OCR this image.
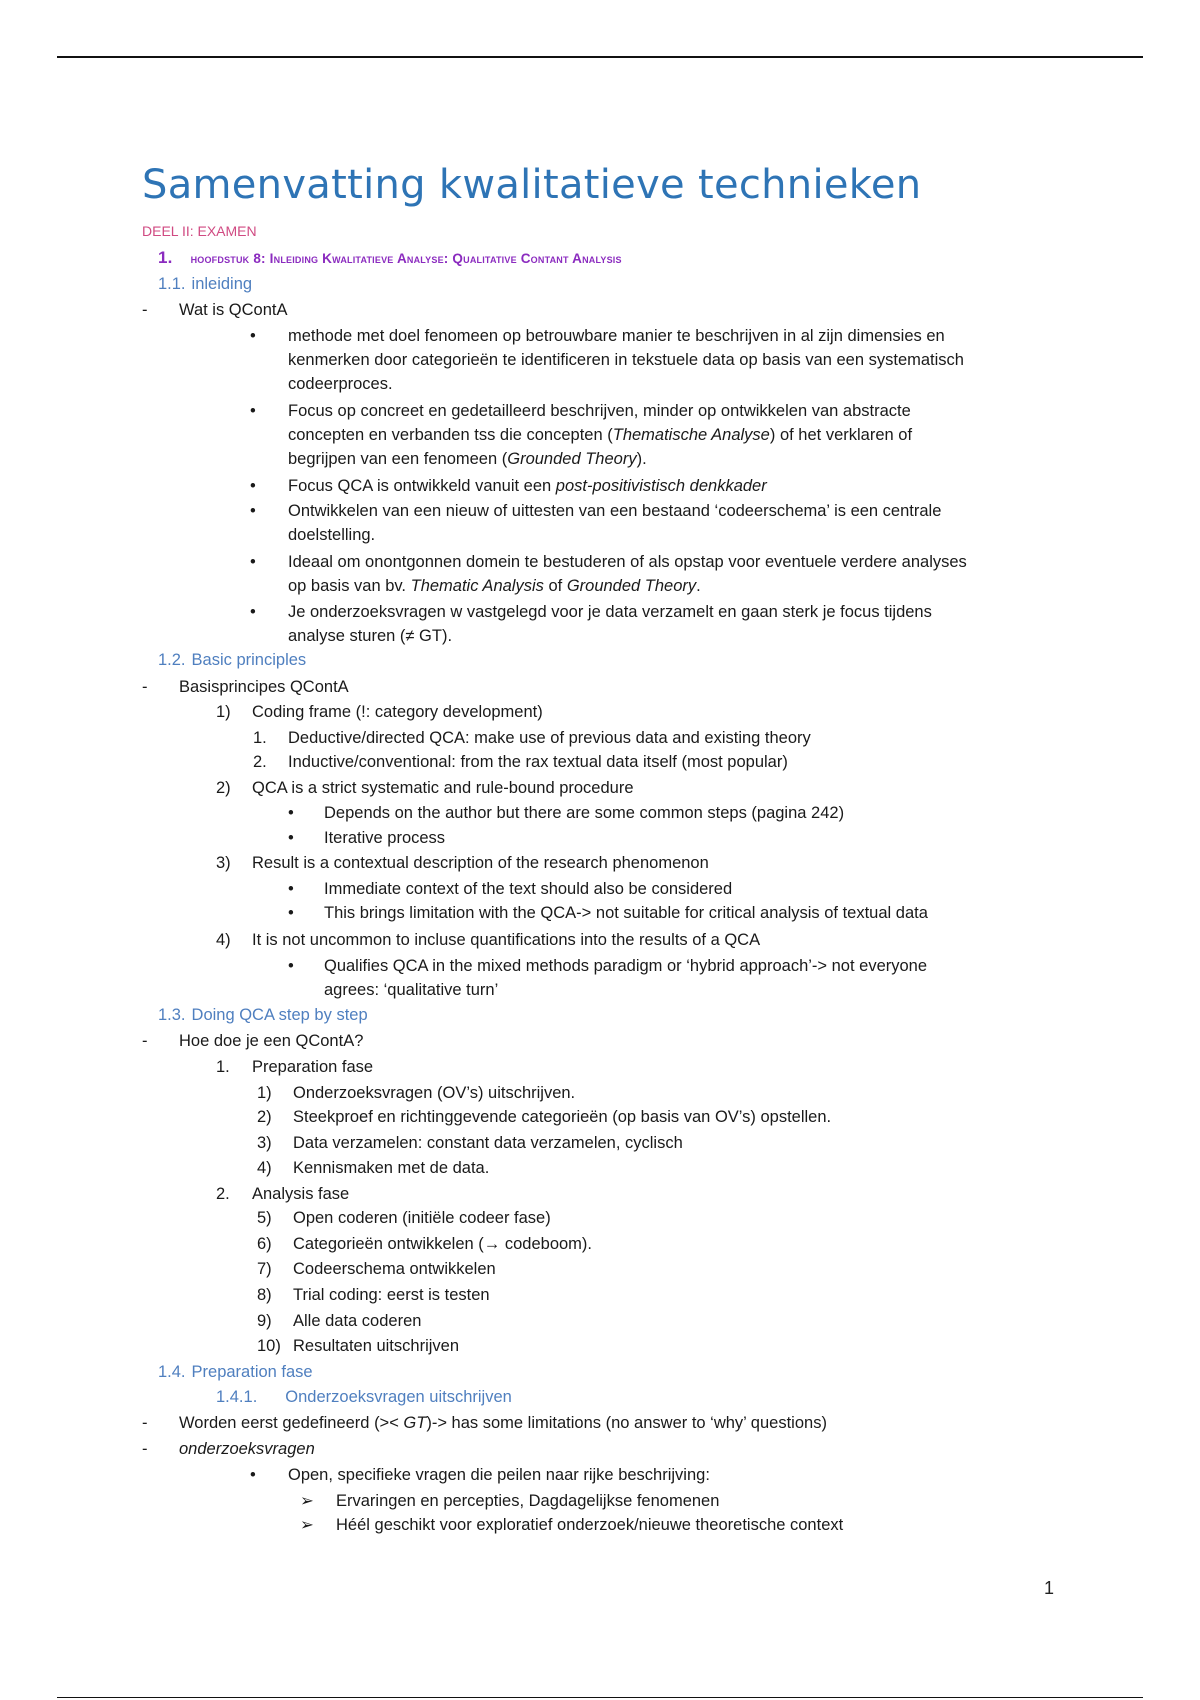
Samenvatting kwalitatieve technieken
DEEL II: EXAMEN
1. hoofdstuk 8: Inleiding Kwalitatieve Analyse: Qualitative Contant Analysis
1.1. inleiding
- Wat is QContA
• methode met doel fenomeen op betrouwbare manier te beschrijven in al zijn dimensies en
kenmerken door categorieën te identificeren in tekstuele data op basis van een systematisch
codeerproces.
• Focus op concreet en gedetailleerd beschrijven, minder op ontwikkelen van abstracte
concepten en verbanden tss die concepten (Thematische Analyse) of het verklaren of
begrijpen van een fenomeen (Grounded Theory).
• Focus QCA is ontwikkeld vanuit een post-positivistisch denkkader
• Ontwikkelen van een nieuw of uittesten van een bestaand ‘codeerschema’ is een centrale
doelstelling.
• Ideaal om onontgonnen domein te bestuderen of als opstap voor eventuele verdere analyses
op basis van bv. Thematic Analysis of Grounded Theory.
• Je onderzoeksvragen w vastgelegd voor je data verzamelt en gaan sterk je focus tijdens
analyse sturen (≠ GT).
1.2. Basic principles
- Basisprincipes QContA
1) Coding frame (!: category development)
1. Deductive/directed QCA: make use of previous data and existing theory
2. Inductive/conventional: from the rax textual data itself (most popular)
2) QCA is a strict systematic and rule-bound procedure
• Depends on the author but there are some common steps (pagina 242)
• Iterative process
3) Result is a contextual description of the research phenomenon
• Immediate context of the text should also be considered
• This brings limitation with the QCA-> not suitable for critical analysis of textual data
4) It is not uncommon to incluse quantifications into the results of a QCA
• Qualifies QCA in the mixed methods paradigm or ‘hybrid approach’-> not everyone
agrees: ‘qualitative turn’
1.3. Doing QCA step by step
- Hoe doe je een QContA?
1. Preparation fase
1) Onderzoeksvragen (OV’s) uitschrijven.
2) Steekproef en richtinggevende categorieën (op basis van OV’s) opstellen.
3) Data verzamelen: constant data verzamelen, cyclisch
4) Kennismaken met de data.
2. Analysis fase
5) Open coderen (initiële codeer fase)
6) Categorieën ontwikkelen (→ codeboom).
7) Codeerschema ontwikkelen
8) Trial coding: eerst is testen
9) Alle data coderen
10) Resultaten uitschrijven
1.4. Preparation fase
1.4.1. Onderzoeksvragen uitschrijven
- Worden eerst gedefineerd (>< GT)-> has some limitations (no answer to ‘why’ questions)
- onderzoeksvragen
• Open, specifieke vragen die peilen naar rijke beschrijving:
➢ Ervaringen en percepties, Dagdagelijkse fenomenen
➢ Héél geschikt voor exploratief onderzoek/nieuwe theoretische context
1
